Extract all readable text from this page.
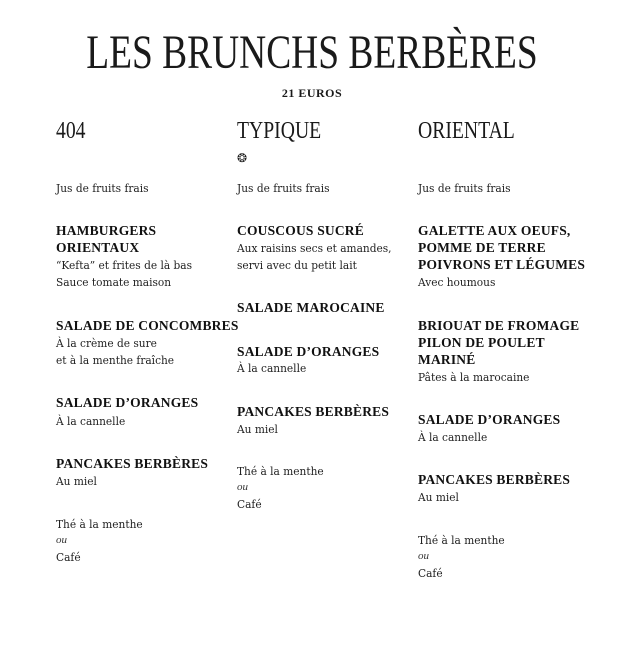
LES BRUNCHS BERBÈRES
21 EUROS
404
Jus de fruits frais
HAMBURGERS
ORIENTAUX
“Kefta” et frites de là bas
Sauce tomate maison
SALADE DE CONCOMBRES
À la crème de sure
et à la menthe fraîche
SALADE D’ORANGES
À la cannelle
PANCAKES BERBÈRES
Au miel
Thé à la menthe
ou
Café
TYPIQUE
❂
Jus de fruits frais
COUSCOUS SUCRÉ
Aux raisins secs et amandes,
servi avec du petit lait
SALADE MAROCAINE
SALADE D’ORANGES
À la cannelle
PANCAKES BERBÈRES
Au miel
Thé à la menthe
ou
Café
ORIENTAL
Jus de fruits frais
GALETTE AUX OEUFS,
POMME DE TERRE
POIVRONS ET LÉGUMES
Avec houmous
BRIOUAT DE FROMAGE
PILON DE POULET
MARINÉ
Pâtes à la marocaine
SALADE D’ORANGES
À la cannelle
PANCAKES BERBÈRES
Au miel
Thé à la menthe
ou
Café
